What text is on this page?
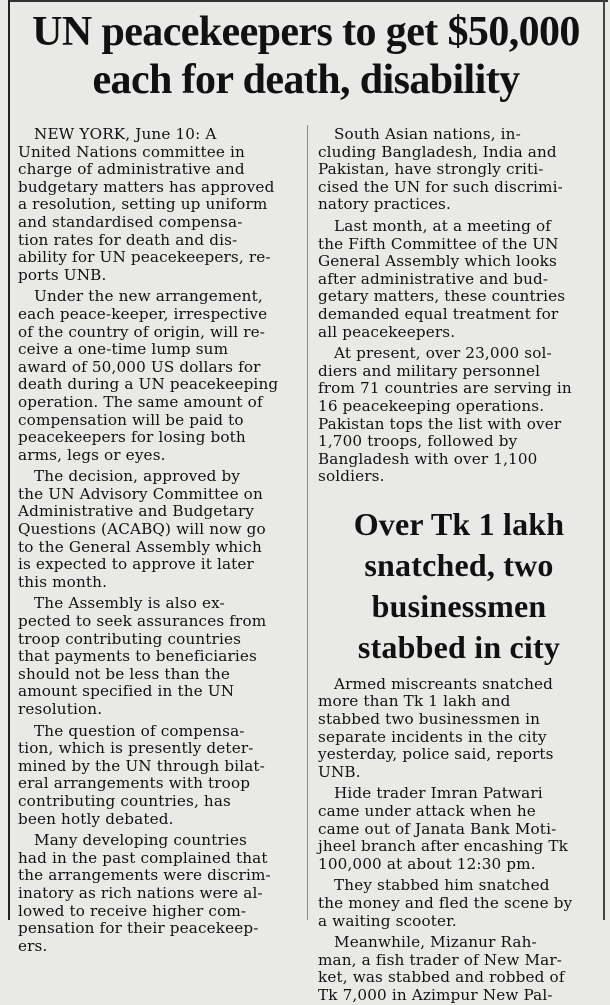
UN peacekeepers to get $50,000
each for death, disability
NEW YORK, June 10: A
United Nations committee in
charge of administrative and
budgetary matters has approved
a resolution, setting up uniform
and standardised compensa-
tion rates for death and dis-
ability for UN peacekeepers, re-
ports UNB.
Under the new arrangement,
each peace-keeper, irrespective
of the country of origin, will re-
ceive a one-time lump sum
award of 50,000 US dollars for
death during a UN peacekeeping
operation. The same amount of
compensation will be paid to
peacekeepers for losing both
arms, legs or eyes.
The decision, approved by
the UN Advisory Committee on
Administrative and Budgetary
Questions (ACABQ) will now go
to the General Assembly which
is expected to approve it later
this month.
The Assembly is also ex-
pected to seek assurances from
troop contributing countries
that payments to beneficiaries
should not be less than the
amount specified in the UN
resolution.
The question of compensa-
tion, which is presently deter-
mined by the UN through bilat-
eral arrangements with troop
contributing countries, has
been hotly debated.
Many developing countries
had in the past complained that
the arrangements were discrim-
inatory as rich nations were al-
lowed to receive higher com-
pensation for their peacekeep-
ers.
South Asian nations, in-
cluding Bangladesh, India and
Pakistan, have strongly criti-
cised the UN for such discrimi-
natory practices.
Last month, at a meeting of
the Fifth Committee of the UN
General Assembly which looks
after administrative and bud-
getary matters, these countries
demanded equal treatment for
all peacekeepers.
At present, over 23,000 sol-
diers and military personnel
from 71 countries are serving in
16 peacekeeping operations.
Pakistan tops the list with over
1,700 troops, followed by
Bangladesh with over 1,100
soldiers.
Over Tk 1 lakh
snatched, two
businessmen
stabbed in city
Armed miscreants snatched
more than Tk 1 lakh and
stabbed two businessmen in
separate incidents in the city
yesterday, police said, reports
UNB.
Hide trader Imran Patwari
came under attack when he
came out of Janata Bank Moti-
jheel branch after encashing Tk
100,000 at about 12:30 pm.
They stabbed him snatched
the money and fled the scene by
a waiting scooter.
Meanwhile, Mizanur Rah-
man, a fish trader of New Mar-
ket, was stabbed and robbed of
Tk 7,000 in Azimpur New Pal-
